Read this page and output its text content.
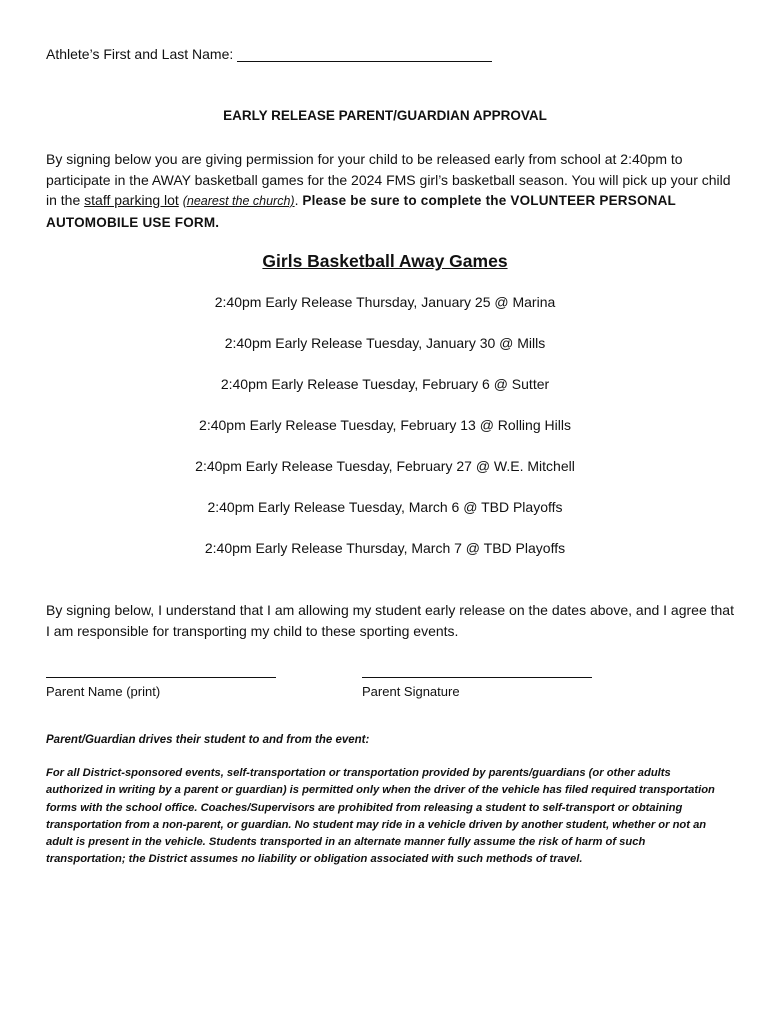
Athlete’s First and Last Name:
EARLY RELEASE PARENT/GUARDIAN APPROVAL
By signing below you are giving permission for your child to be released early from school at 2:40pm to participate in the AWAY basketball games for the 2024 FMS girl’s basketball season. You will pick up your child in the staff parking lot (nearest the church). Please be sure to complete the VOLUNTEER PERSONAL AUTOMOBILE USE FORM.
Girls Basketball Away Games
2:40pm Early Release Thursday, January 25 @ Marina
2:40pm Early Release Tuesday, January 30 @ Mills
2:40pm Early Release Tuesday, February 6 @ Sutter
2:40pm Early Release Tuesday, February 13 @ Rolling Hills
2:40pm Early Release Tuesday, February 27 @ W.E. Mitchell
2:40pm Early Release Tuesday, March 6 @ TBD Playoffs
2:40pm Early Release Thursday, March 7 @ TBD Playoffs
By signing below, I understand that I am allowing my student early release on the dates above, and I agree that I am responsible for transporting my child to these sporting events.
Parent Name (print)	Parent Signature
Parent/Guardian drives their student to and from the event:
For all District-sponsored events, self-transportation or transportation provided by parents/guardians (or other adults authorized in writing by a parent or guardian) is permitted only when the driver of the vehicle has filed required transportation forms with the school office. Coaches/Supervisors are prohibited from releasing a student to self-transport or obtaining transportation from a non-parent, or guardian. No student may ride in a vehicle driven by another student, whether or not an adult is present in the vehicle. Students transported in an alternate manner fully assume the risk of harm of such transportation; the District assumes no liability or obligation associated with such methods of travel.
